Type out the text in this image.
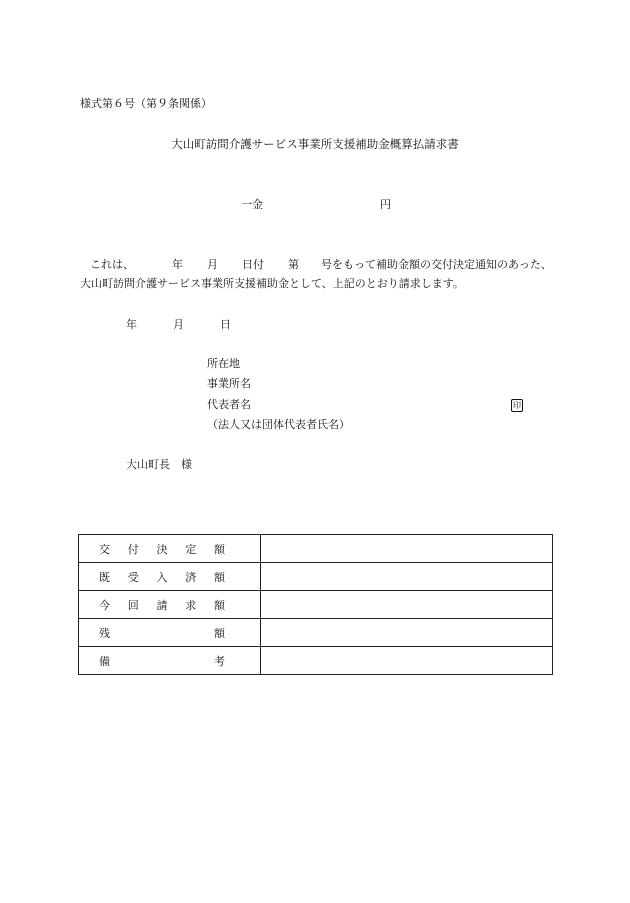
様式第６号（第９条関係）
大山町訪問介護サービス事業所支援補助金概算払請求書
一金	円
これは、	年 月 日付 第 号をもって補助金額の交付決定通知のあった、
大山町訪問介護サービス事業所支援補助金として、上記のとおり請求します。
年	月	日
所在地
事業所名
代表者名	印
（法人又は団体代表者氏名）
大山町長　様
交 付 決 定 額	

既 受 入 済 額	

今 回 請 求 額	

残 額	

備 考	
